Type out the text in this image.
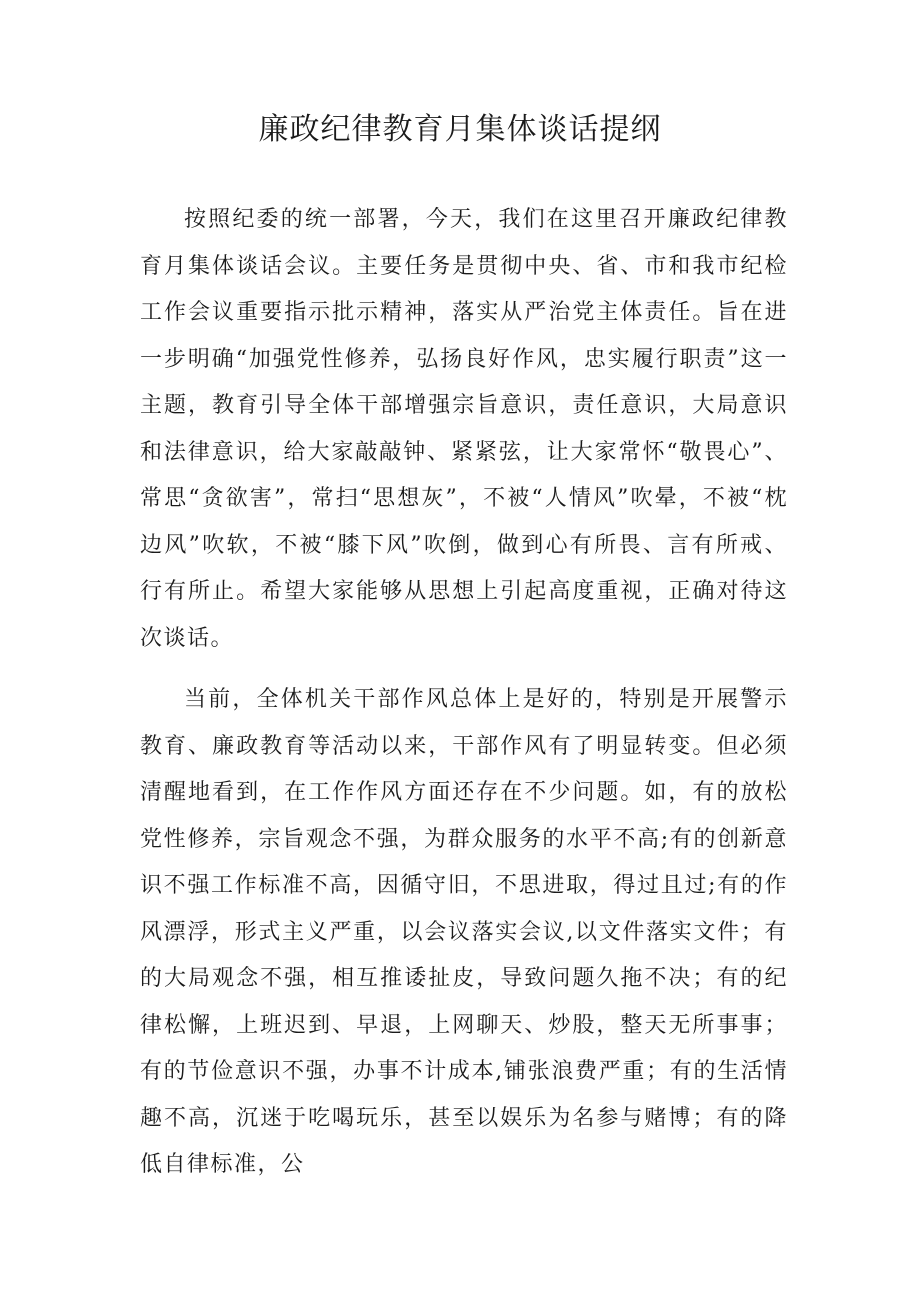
廉政纪律教育月集体谈话提纲

按照纪委的统一部署，今天，我们在这里召开廉政纪律教育月集体谈话会议。主要任务是贯彻中央、省、市和我市纪检工作会议重要指示批示精神，落实从严治党主体责任。旨在进一步明确“加强党性修养，弘扬良好作风，忠实履行职责”这一主题，教育引导全体干部增强宗旨意识，责任意识，大局意识和法律意识，给大家敲敲钟、紧紧弦，让大家常怀“敬畏心”、常思“贪欲害”，常扫“思想灰”，不被“人情风”吹晕，不被“枕边风”吹软，不被“膝下风”吹倒，做到心有所畏、言有所戒、行有所止。希望大家能够从思想上引起高度重视，正确对待这次谈话。

当前，全体机关干部作风总体上是好的，特别是开展警示教育、廉政教育等活动以来，干部作风有了明显转变。但必须清醒地看到，在工作作风方面还存在不少问题。如，有的放松党性修养，宗旨观念不强，为群众服务的水平不高;有的创新意识不强工作标准不高，因循守旧，不思进取，得过且过;有的作风漂浮，形式主义严重，以会议落实会议,以文件落实文件；有的大局观念不强，相互推诿扯皮，导致问题久拖不决；有的纪律松懈，上班迟到、早退，上网聊天、炒股，整天无所事事；有的节俭意识不强，办事不计成本,铺张浪费严重；有的生活情趣不高，沉迷于吃喝玩乐，甚至以娱乐为名参与赌博；有的降低自律标准，公
